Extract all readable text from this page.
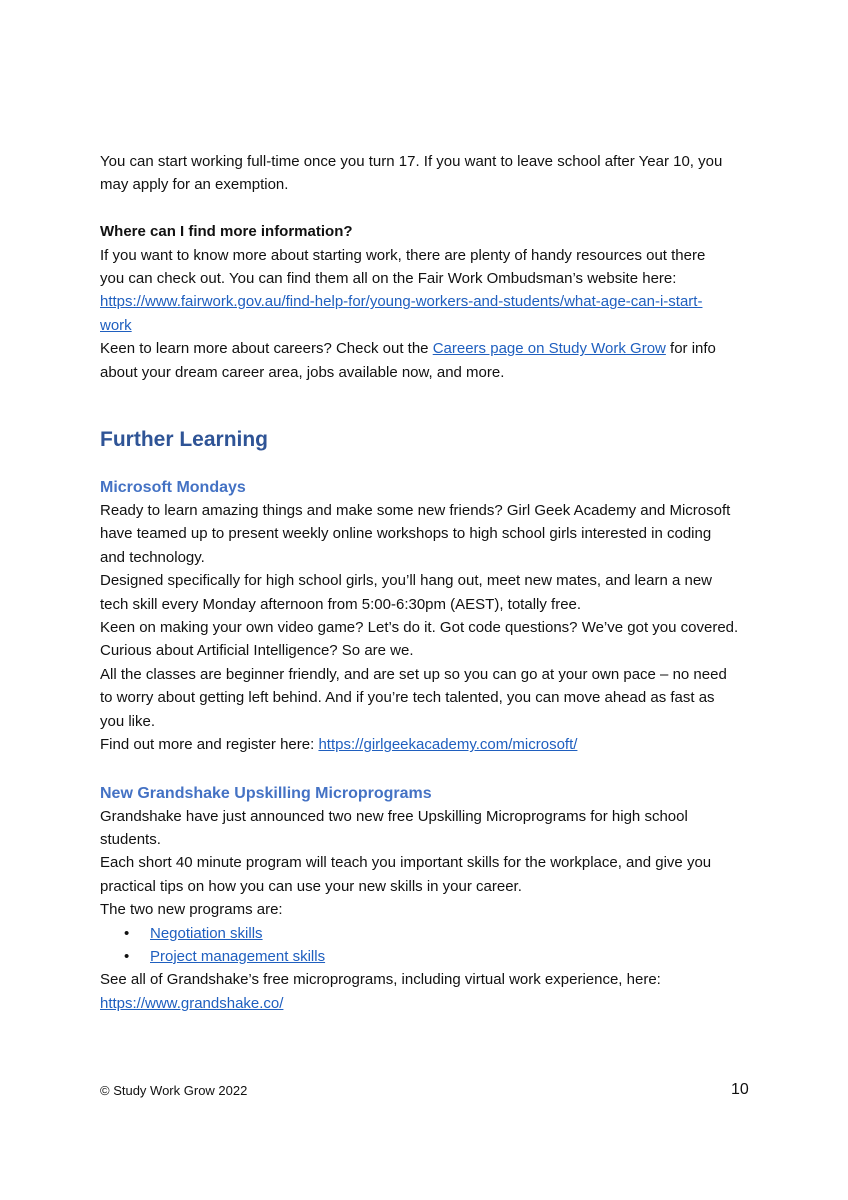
You can start working full-time once you turn 17. If you want to leave school after Year 10, you

may apply for an exemption.

Where can I find more information?

If you want to know more about starting work, there are plenty of handy resources out there

you can check out. You can find them all on the Fair Work Ombudsman’s website here:

https://www.fairwork.gov.au/find-help-for/young-workers-and-students/what-age-can-i-start-

work

Keen to learn more about careers? Check out the Careers page on Study Work Grow for info

about your dream career area, jobs available now, and more.

Further Learning
Microsoft Mondays

Ready to learn amazing things and make some new friends? Girl Geek Academy and Microsoft

have teamed up to present weekly online workshops to high school girls interested in coding

and technology.

Designed specifically for high school girls, you’ll hang out, meet new mates, and learn a new

tech skill every Monday afternoon from 5:00-6:30pm (AEST), totally free.

Keen on making your own video game? Let’s do it. Got code questions? We’ve got you covered.

Curious about Artificial Intelligence? So are we.

All the classes are beginner friendly, and are set up so you can go at your own pace – no need

to worry about getting left behind. And if you’re tech talented, you can move ahead as fast as

you like.

Find out more and register here: https://girlgeekacademy.com/microsoft/

New Grandshake Upskilling Microprograms

Grandshake have just announced two new free Upskilling Microprograms for high school

students.

Each short 40 minute program will teach you important skills for the workplace, and give you

practical tips on how you can use your new skills in your career.

The two new programs are:

• Negotiation skills
• Project management skills

See all of Grandshake’s free microprograms, including virtual work experience, here:

https://www.grandshake.co/

© Study Work Grow 2022	10
